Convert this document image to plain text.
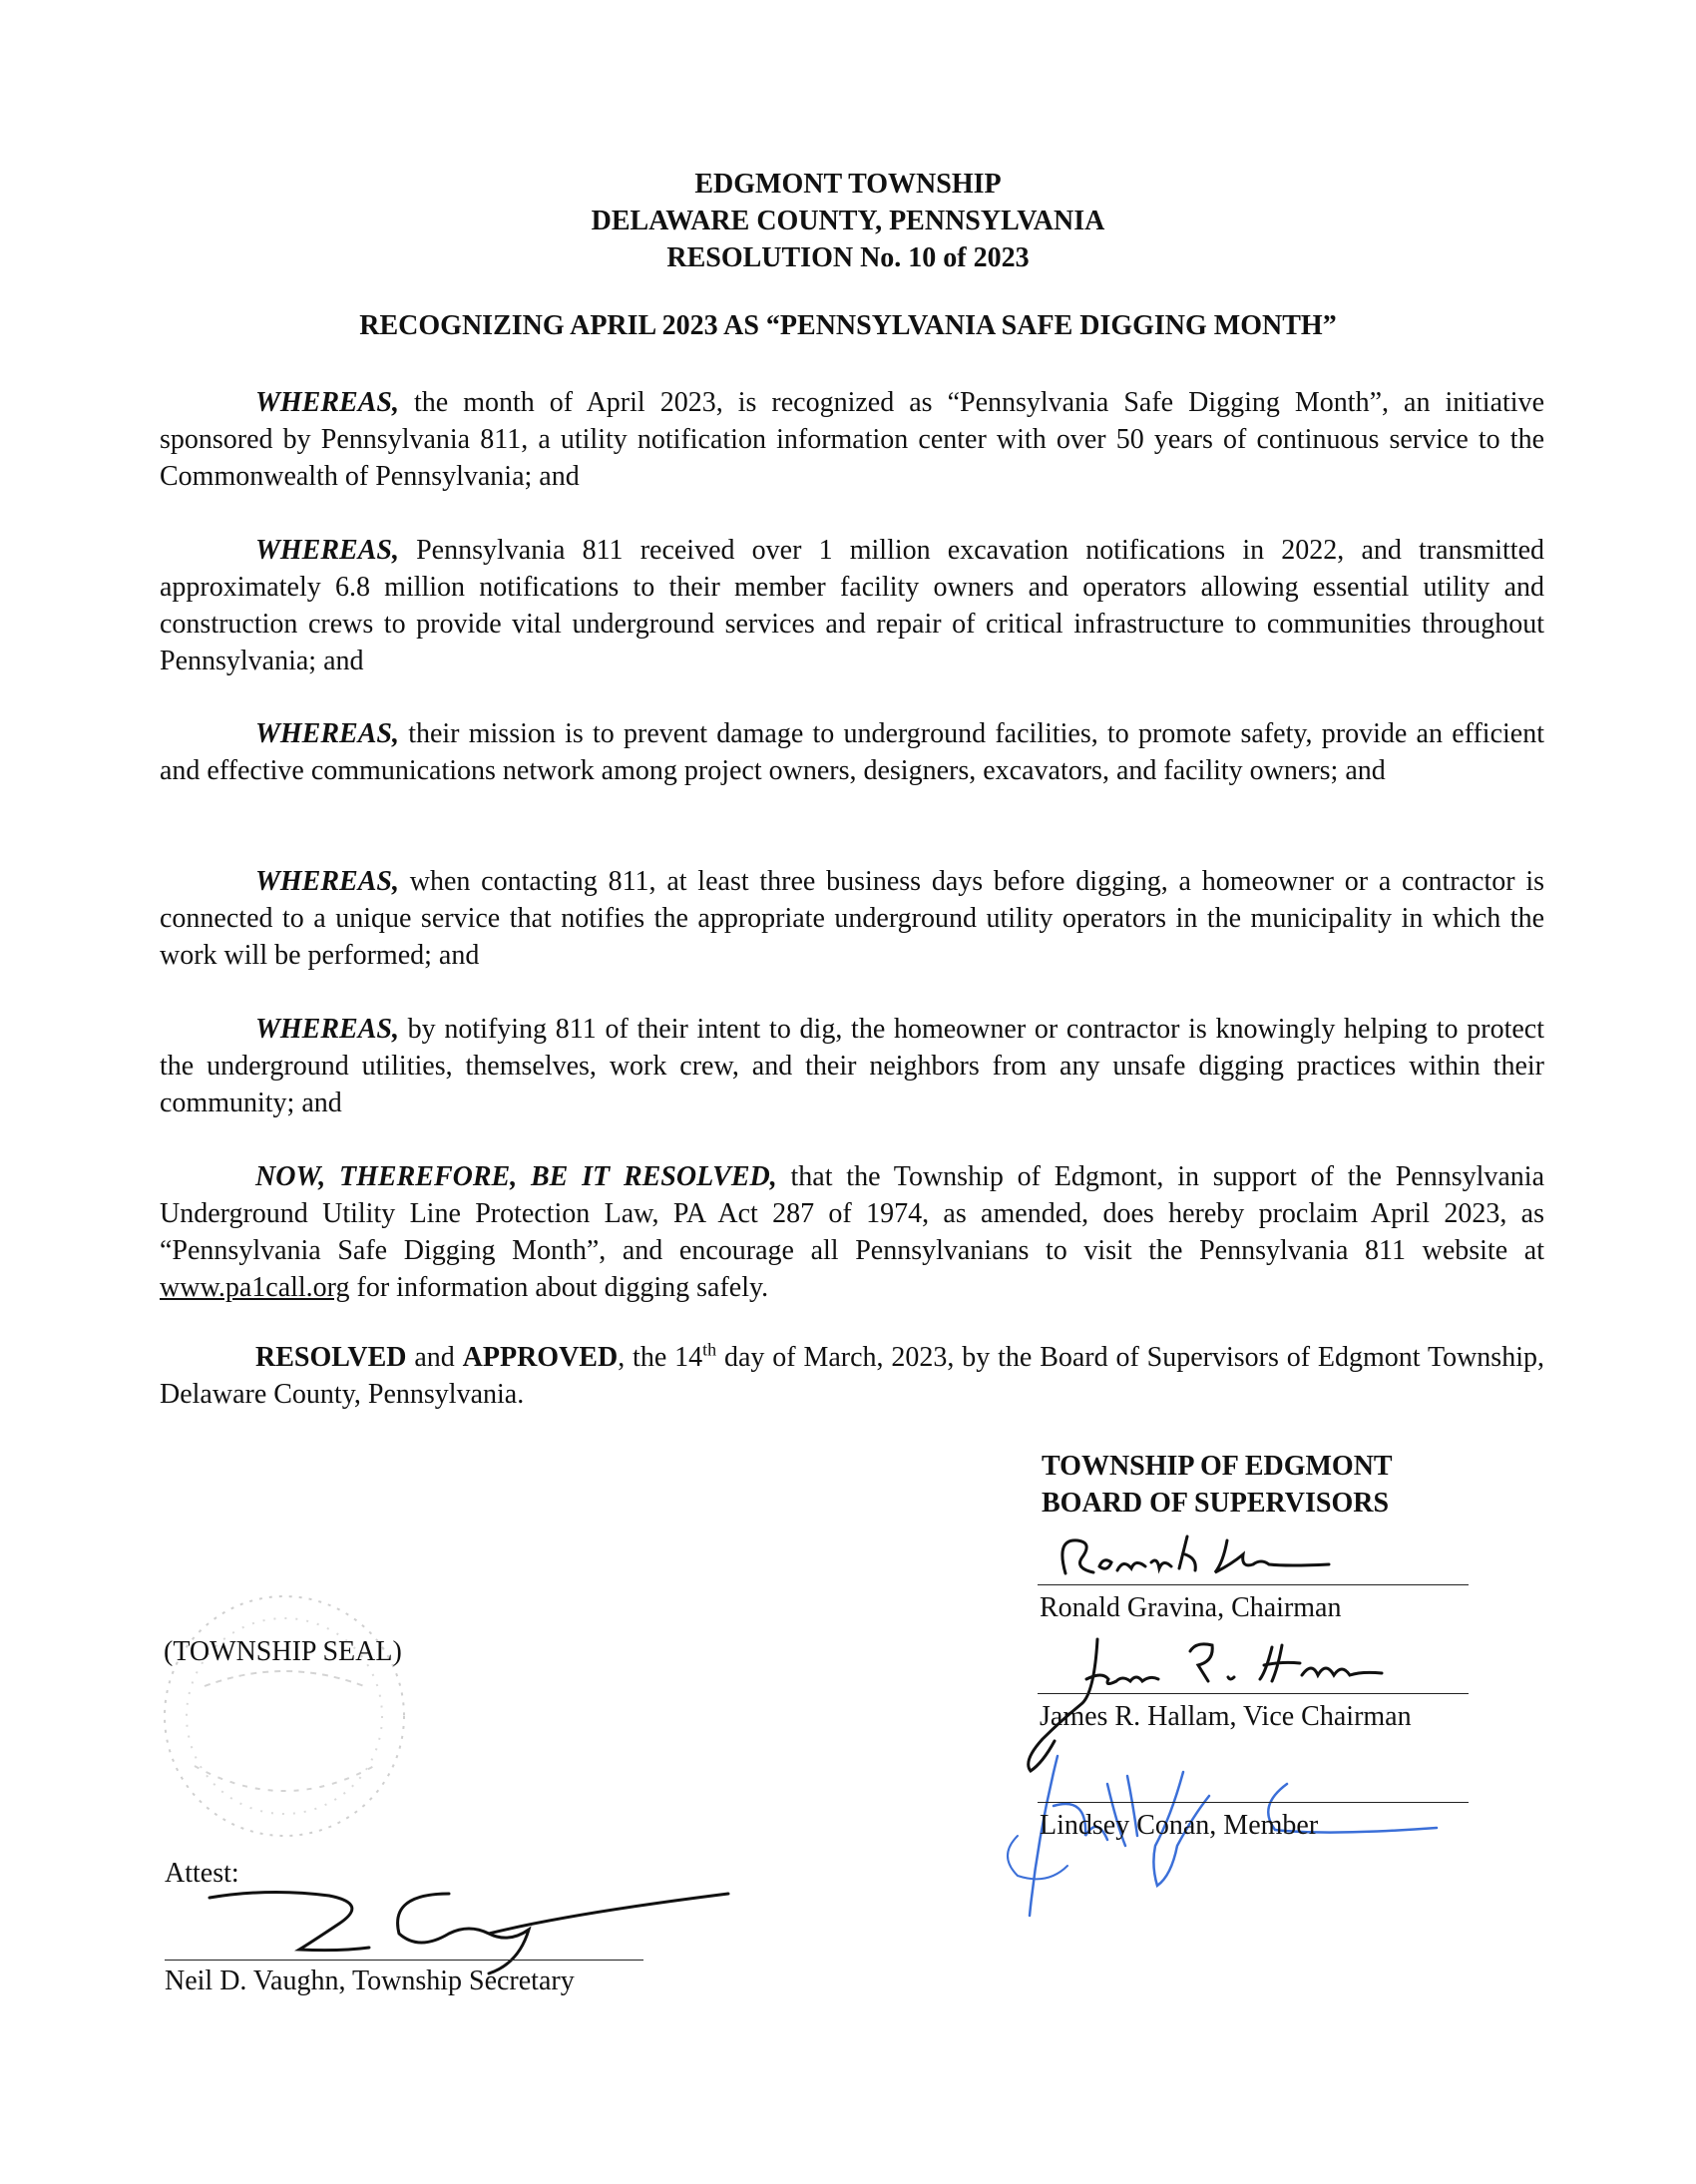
EDGMONT TOWNSHIP
DELAWARE COUNTY, PENNSYLVANIA
RESOLUTION No. 10 of 2023
RECOGNIZING APRIL 2023 AS “PENNSYLVANIA SAFE DIGGING MONTH”
WHEREAS, the month of April 2023, is recognized as “Pennsylvania Safe Digging Month”, an initiative sponsored by Pennsylvania 811, a utility notification information center with over 50 years of continuous service to the Commonwealth of Pennsylvania; and
WHEREAS, Pennsylvania 811 received over 1 million excavation notifications in 2022, and transmitted approximately 6.8 million notifications to their member facility owners and operators allowing essential utility and construction crews to provide vital underground services and repair of critical infrastructure to communities throughout Pennsylvania; and
WHEREAS, their mission is to prevent damage to underground facilities, to promote safety, provide an efficient and effective communications network among project owners, designers, excavators, and facility owners; and
WHEREAS, when contacting 811, at least three business days before digging, a homeowner or a contractor is connected to a unique service that notifies the appropriate underground utility operators in the municipality in which the work will be performed; and
WHEREAS, by notifying 811 of their intent to dig, the homeowner or contractor is knowingly helping to protect the underground utilities, themselves, work crew, and their neighbors from any unsafe digging practices within their community; and
NOW, THEREFORE, BE IT RESOLVED, that the Township of Edgmont, in support of the Pennsylvania Underground Utility Line Protection Law, PA Act 287 of 1974, as amended, does hereby proclaim April 2023, as “Pennsylvania Safe Digging Month”, and encourage all Pennsylvanians to visit the Pennsylvania 811 website at www.pa1call.org for information about digging safely.
RESOLVED and APPROVED, the 14th day of March, 2023, by the Board of Supervisors of Edgmont Township, Delaware County, Pennsylvania.
TOWNSHIP OF EDGMONT
BOARD OF SUPERVISORS
(TOWNSHIP SEAL)
Ronald Gravina, Chairman
James R. Hallam, Vice Chairman
Lindsey Conan, Member
Attest:
Neil D. Vaughn, Township Secretary
